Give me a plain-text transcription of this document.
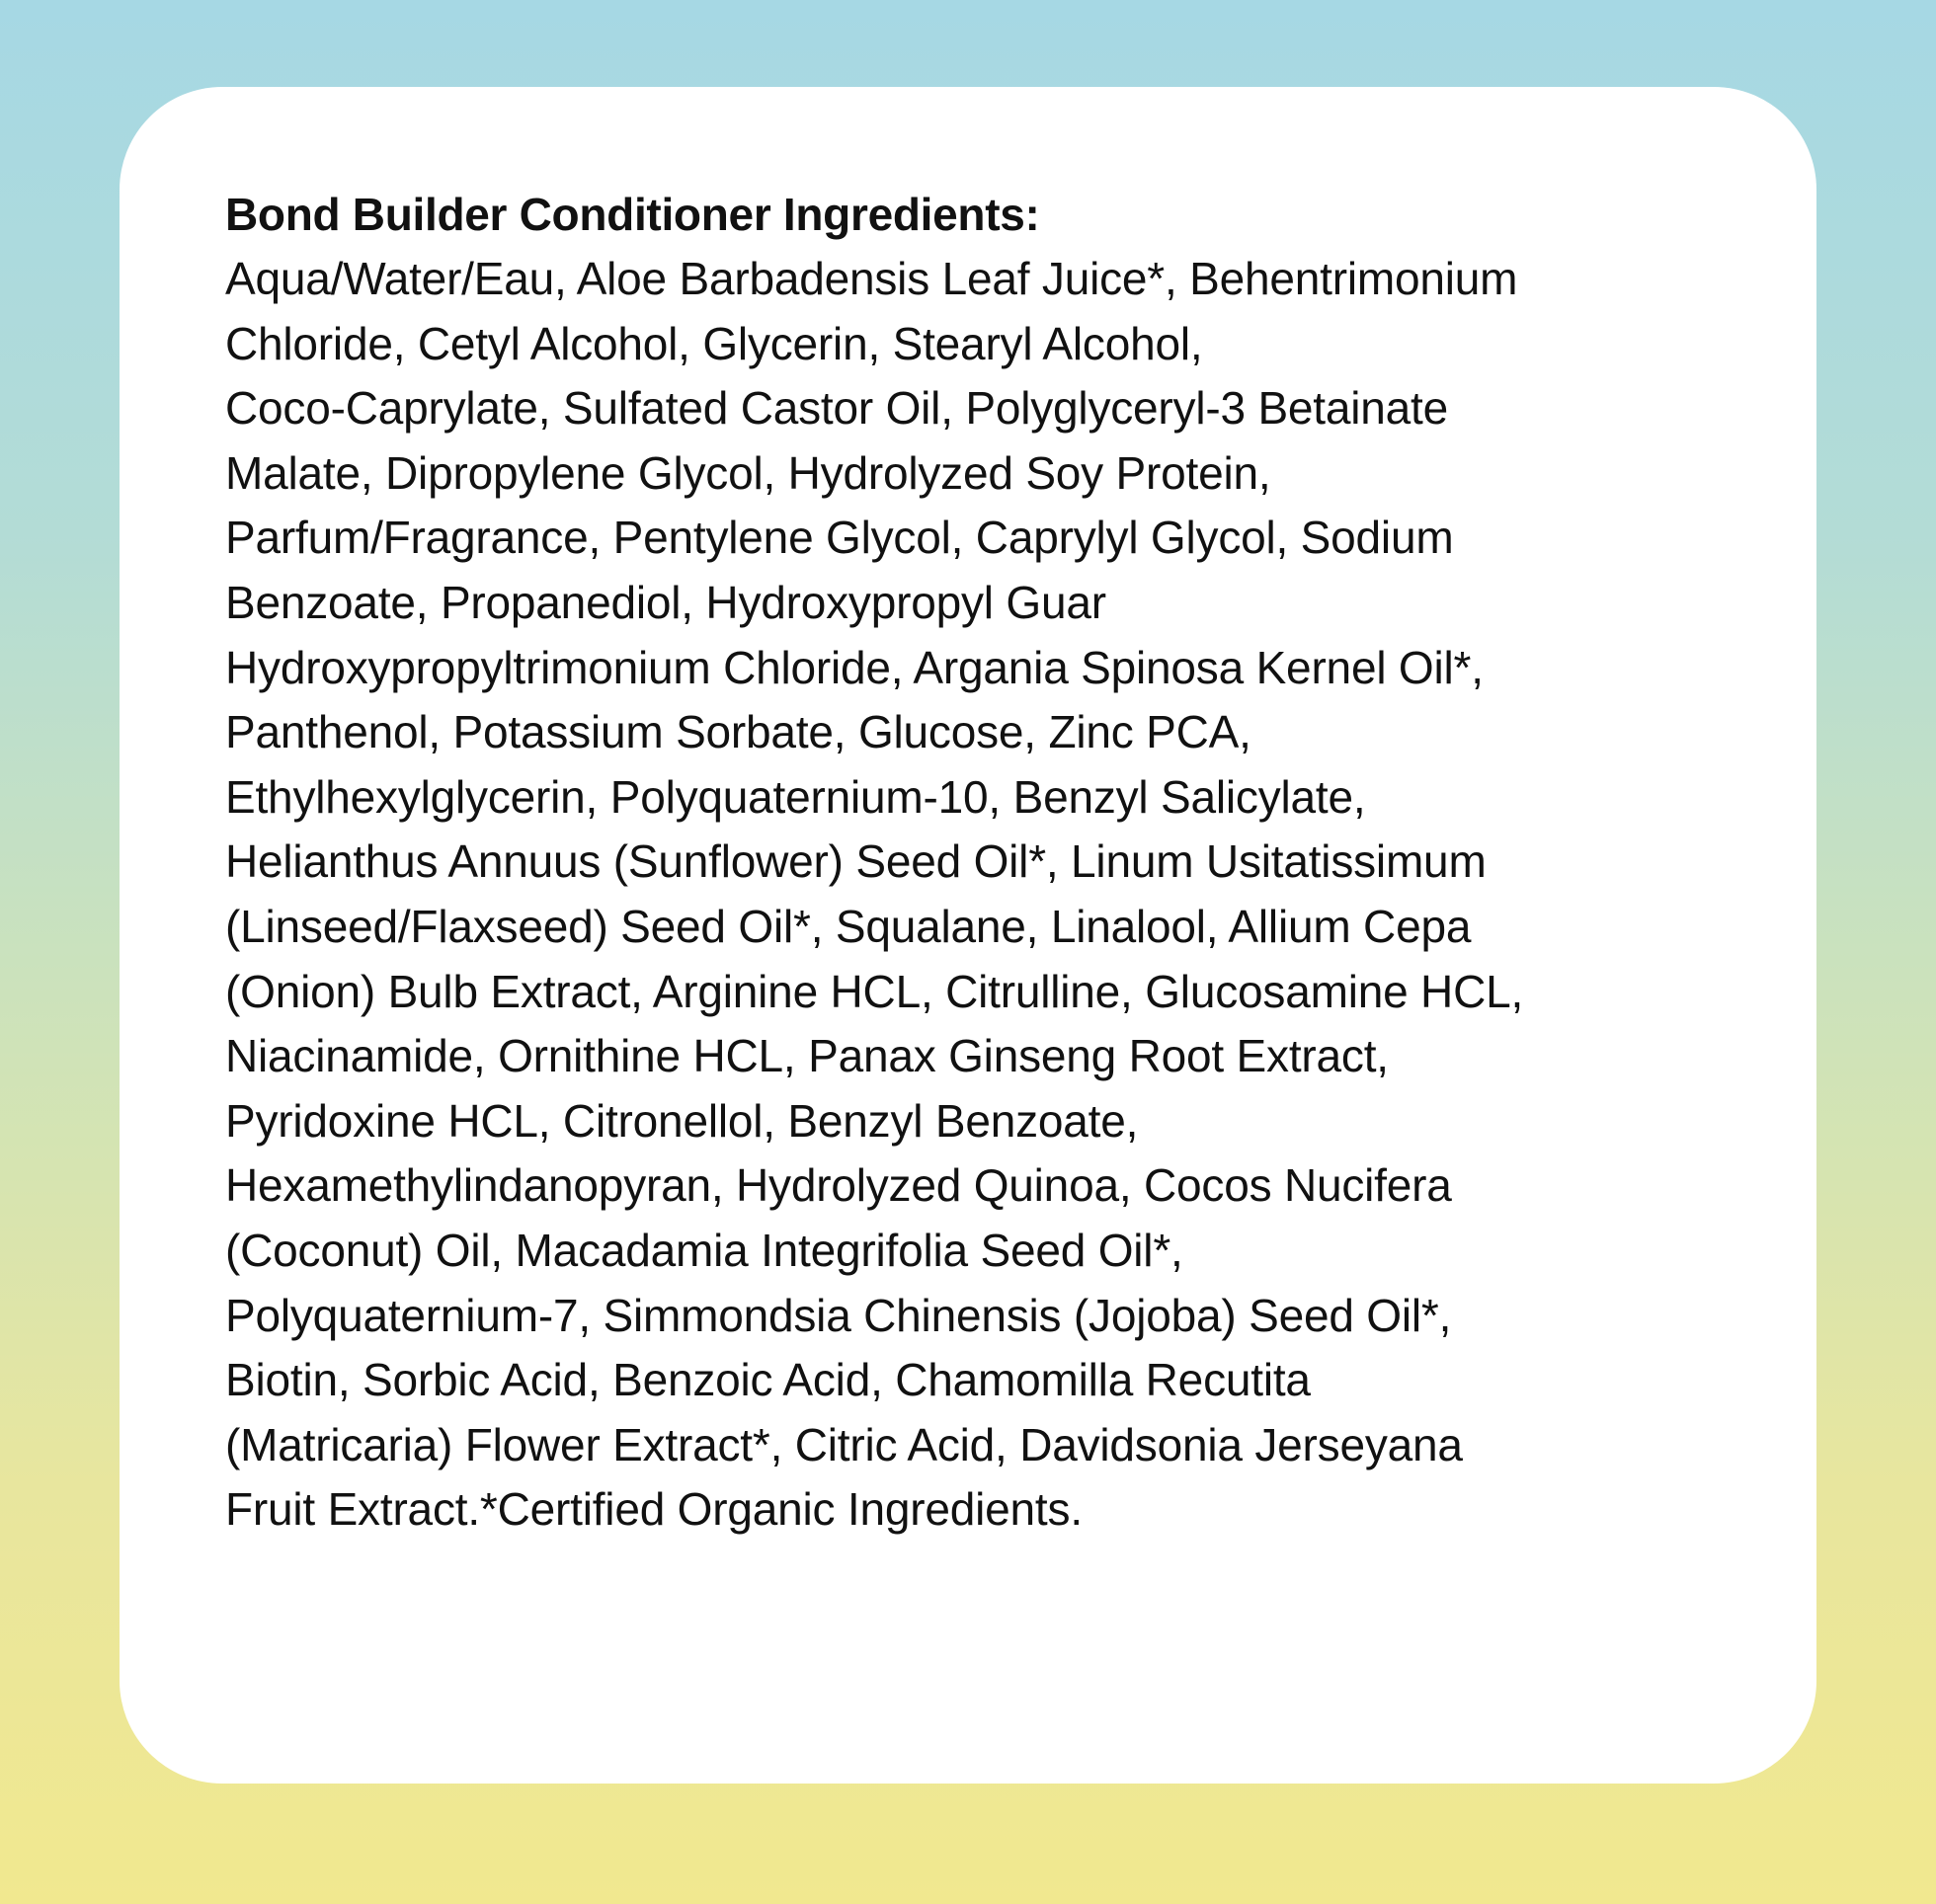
Bond Builder Conditioner Ingredients:
Aqua/Water/Eau, Aloe Barbadensis Leaf Juice*, Behentrimonium
Chloride, Cetyl Alcohol, Glycerin, Stearyl Alcohol,
Coco-Caprylate, Sulfated Castor Oil, Polyglyceryl-3 Betainate
Malate, Dipropylene Glycol, Hydrolyzed Soy Protein,
Parfum/Fragrance, Pentylene Glycol, Caprylyl Glycol, Sodium
Benzoate, Propanediol, Hydroxypropyl Guar
Hydroxypropyltrimonium Chloride, Argania Spinosa Kernel Oil*,
Panthenol, Potassium Sorbate, Glucose, Zinc PCA,
Ethylhexylglycerin, Polyquaternium-10, Benzyl Salicylate,
Helianthus Annuus (Sunflower) Seed Oil*, Linum Usitatissimum
(Linseed/Flaxseed) Seed Oil*, Squalane, Linalool, Allium Cepa
(Onion) Bulb Extract, Arginine HCL, Citrulline, Glucosamine HCL,
Niacinamide, Ornithine HCL, Panax Ginseng Root Extract,
Pyridoxine HCL, Citronellol, Benzyl Benzoate,
Hexamethylindanopyran, Hydrolyzed Quinoa, Cocos Nucifera
(Coconut) Oil, Macadamia Integrifolia Seed Oil*,
Polyquaternium-7, Simmondsia Chinensis (Jojoba) Seed Oil*,
Biotin, Sorbic Acid, Benzoic Acid, Chamomilla Recutita
(Matricaria) Flower Extract*, Citric Acid, Davidsonia Jerseyana
Fruit Extract.*Certified Organic Ingredients.
